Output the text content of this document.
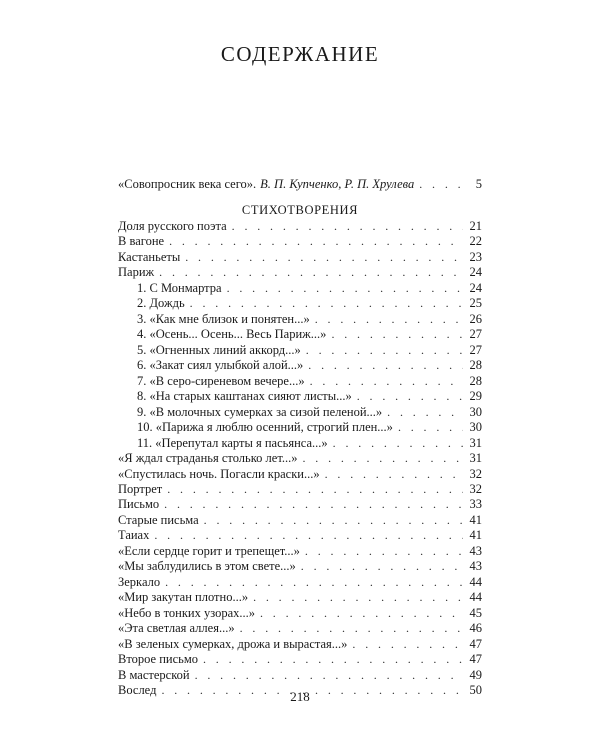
СОДЕРЖАНИЕ
«Совопросник века сего». В. П. Купченко, Р. П. Хрулева . . .	5
СТИХОТВОРЕНИЯ
Доля русского поэта . . .	21
В вагоне . . .	22
Кастаньеты . . .	23
Париж . . .	24
1. С Монмартра . . .	24
2. Дождь . . .	25
3. «Как мне близок и понятен...» . . .	26
4. «Осень... Осень... Весь Париж...» . . .	27
5. «Огненных линий аккорд...» . . .	27
6. «Закат сиял улыбкой алой...» . . .	28
7. «В серо-сиреневом вечере...» . . .	28
8. «На старых каштанах сияют листы...» . . .	29
9. «В молочных сумерках за сизой пеленой...» . . .	30
10. «Парижа я люблю осенний, строгий плен...» . . .	30
11. «Перепутал карты я пасьянса...» . . .	31
«Я ждал страданья столько лет...» . . .	31
«Спустилась ночь. Погасли краски...» . . .	32
Портрет . . .	32
Письмо . . .	33
Старые письма . . .	41
Таиах . . .	41
«Если сердце горит и трепещет...» . . .	43
«Мы заблудились в этом свете...» . . .	43
Зеркало . . .	44
«Мир закутан плотно...» . . .	44
«Небо в тонких узорах...» . . .	45
«Эта светлая аллея...» . . .	46
«В зеленых сумерках, дрожа и вырастая...» . . .	47
Второе письмо . . .	47
В мастерской . . .	49
Вослед . . .	50
218
